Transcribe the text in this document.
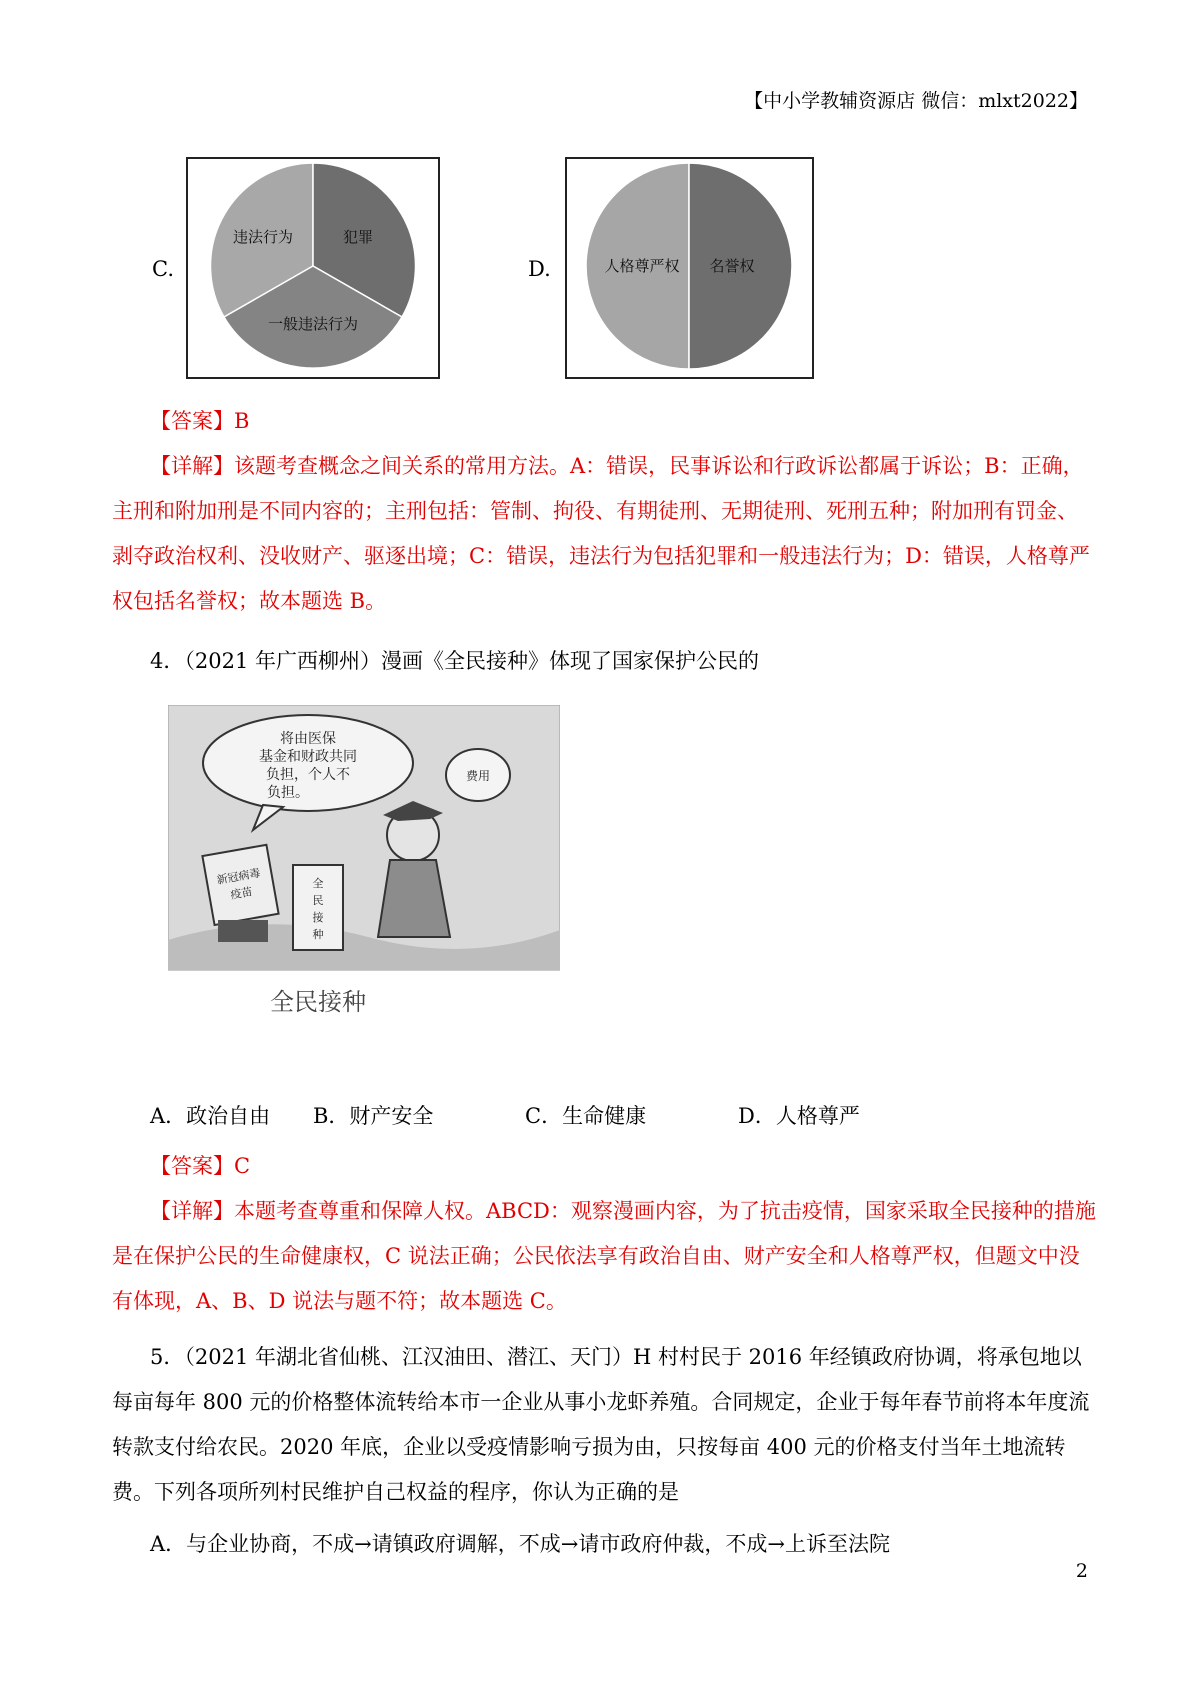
【中小学教辅资源店 微信：mlxt2022】
C.
违法行为	犯罪
一般违法行为
D.	人格尊严权 名誉权
【答案】B
【详解】该题考查概念之间关系的常用方法。A：错误，民事诉讼和行政诉讼都属于诉讼；B：正确，主刑和附加刑是不同内容的；主刑包括：管制、拘役、有期徒刑、无期徒刑、死刑五种；附加刑有罚金、剥夺政治权利、没收财产、驱逐出境；C：错误，违法行为包括犯罪和一般违法行为；D：错误，人格尊严权包括名誉权；故本题选 B。
4．（2021 年广西柳州）漫画《全民接种》体现了国家保护公民的
将由医保
基金和财政共同
负担，个人不
负担。
费用
新冠病毒
疫苗
全
民
接
种
全民接种
A．政治自由 B．财产安全	C．生命健康	D．人格尊严
【答案】C
【详解】本题考查尊重和保障人权。ABCD：观察漫画内容，为了抗击疫情，国家采取全民接种的措施是在保护公民的生命健康权，C 说法正确；公民依法享有政治自由、财产安全和人格尊严权，但题文中没有体现，A、B、D 说法与题不符；故本题选 C。
5．（2021 年湖北省仙桃、江汉油田、潜江、天门）H 村村民于 2016 年经镇政府协调，将承包地以每亩每年 800 元的价格整体流转给本市一企业从事小龙虾养殖。合同规定，企业于每年春节前将本年度流转款支付给农民。2020 年底，企业以受疫情影响亏损为由，只按每亩 400 元的价格支付当年土地流转费。下列各项所列村民维护自己权益的程序，你认为正确的是
A．与企业协商，不成→请镇政府调解，不成→请市政府仲裁，不成→上诉至法院
2
